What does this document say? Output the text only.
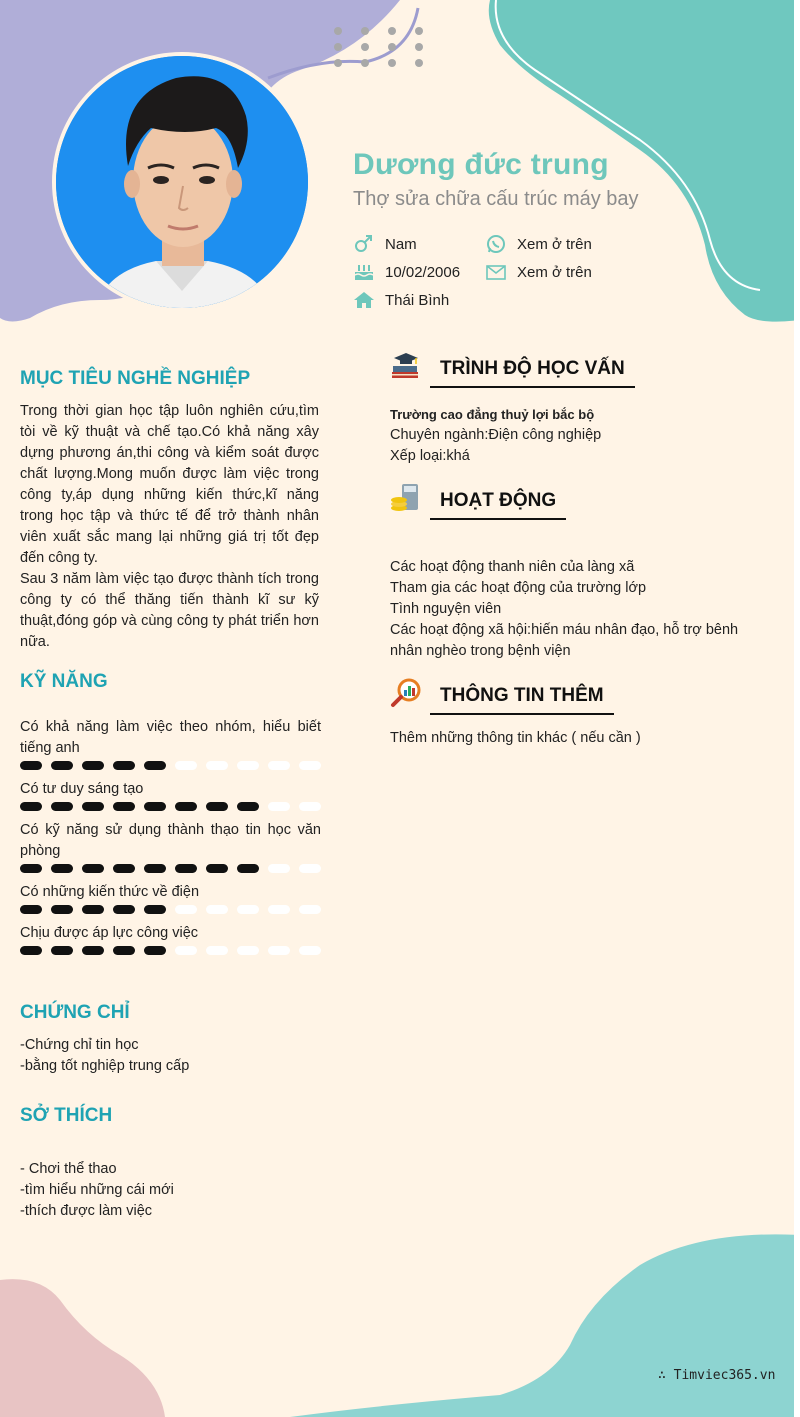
Dương đức trung
Thợ sửa chữa cấu trúc máy bay
Nam
10/02/2006
Thái Bình
Xem ở trên
Xem ở trên
MỤC TIÊU NGHỀ NGHIỆP

Trong thời gian học tập luôn nghiên cứu,tìm tòi về kỹ thuật và chế tạo.Có khả năng xây dựng phương án,thi công và kiểm soát được chất lượng.Mong muốn được làm việc trong công ty,áp dụng những kiến thức,kĩ năng trong học tập và thức tế để trở thành nhân viên xuất sắc mang lại những giá trị tốt đẹp đến công ty.

Sau 3 năm làm việc tạo được thành tích trong công ty có thể thăng tiến thành kĩ sư kỹ thuật,đóng góp và cùng công ty phát triển hơn nữa.

KỸ NĂNG
Có khả năng làm việc theo nhóm, hiểu biết tiếng anh
Có tư duy sáng tạo
Có kỹ năng sử dụng thành thạo tin học văn phòng
Có những kiến thức về điện
Chịu được áp lực công việc
CHỨNG CHỈ

-Chứng chỉ tin học

-bằng tốt nghiệp trung cấp

SỞ THÍCH

- Chơi thể thao

-tìm hiểu những cái mới

-thích được làm việc

TRÌNH ĐỘ HỌC VẤN

Trường cao đẳng thuỷ lợi bắc bộ

Chuyên ngành:Điện công nghiệp

Xếp loại:khá

HOẠT ĐỘNG

Các hoạt động thanh niên của làng xã

Tham gia các hoạt động của trường lớp

Tình nguyện viên

Các hoạt động xã hội:hiến máu nhân đạo, hỗ trợ bênh nhân nghèo trong bệnh viện

THÔNG TIN THÊM
Thêm những thông tin khác ( nếu cần )
∴ Timviec365.vn
